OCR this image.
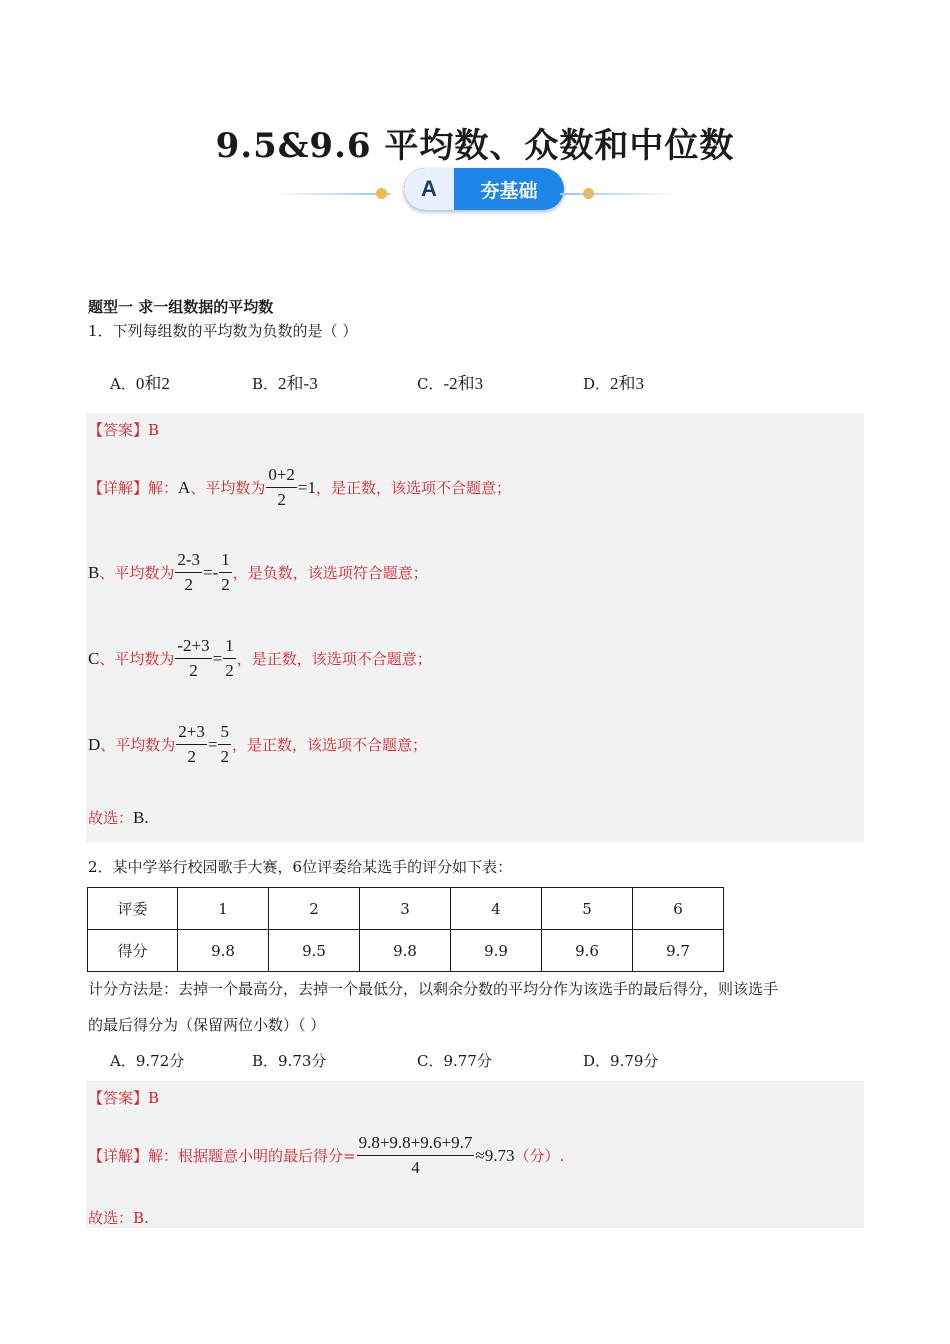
9.5&9.6 平均数、众数和中位数
A	夯基础
题型一 求一组数据的平均数
1．下列每组数的平均数为负数的是（ ）
A．0和2	B．2和-3	C．-2和3	D．2和3
【答案】 B
【详解】 解： A 、平均数为 $\frac{0+2}{2} =1$ ，是正数，该选项不合题意；
B 、平均数为 $\frac{2-3}{2} =- \frac{1}{2}$ ，是负数，该选项符合题意；
C 、平均数为 $\frac{-2+3}{2} = \frac{1}{2}$ ，是正数，该选项不合题意；
D 、平均数为 $\frac{2+3}{2} = \frac{5}{2}$ ，是正数，该选项不合题意；
故选： B.
2．某中学举行校园歌手大赛，6位评委给某选手的评分如下表：
评委	1	2	3	4	5	6
得分	9.8	9.5	9.8	9.9	9.6	9.7
计分方法是：去掉一个最高分，去掉一个最低分，以剩余分数的平均分作为该选手的最后得分，则该选手
的最后得分为（保留两位小数）（ ）
A．9.72分	B．9.73分	C．9.77分	D．9.79分
【答案】 B
【详解】 解：根据题意小明的最后得分= $\frac{9.8+9.8+9.6+9.7}{4} \approx 9.73$ （分）.
故选：B.
